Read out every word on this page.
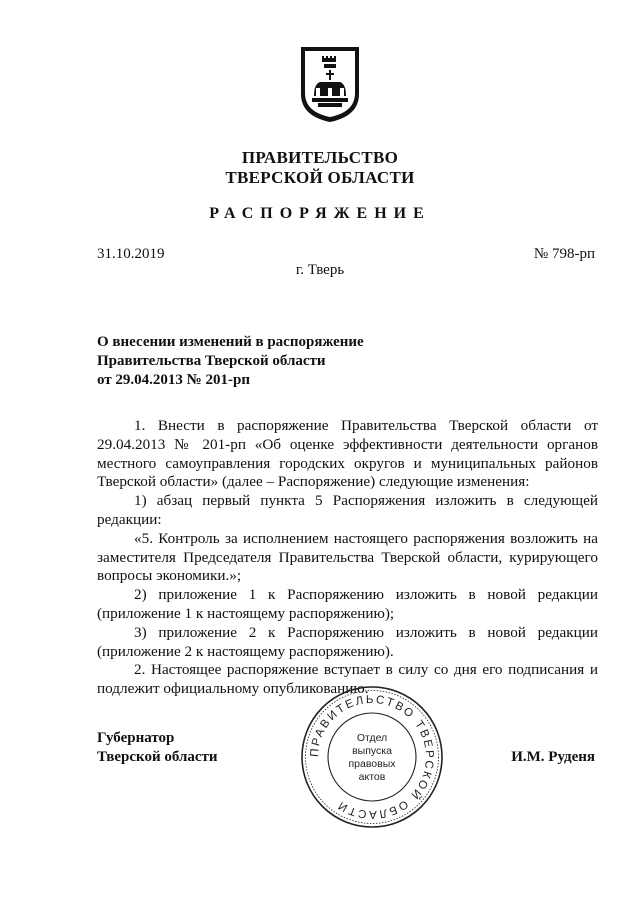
ПРАВИТЕЛЬСТВО
ТВЕРСКОЙ ОБЛАСТИ
РАСПОРЯЖЕНИЕ
31.10.2019	№ 798-рп
г. Тверь
О внесении изменений в распоряжение
Правительства Тверской области
от 29.04.2013 № 201-рп

1. Внести в распоряжение Правительства Тверской области от 29.04.2013 № 201-рп «Об оценке эффективности деятельности органов местного самоуправления городских округов и муниципальных районов Тверской области» (далее – Распоряжение) следующие изменения:

1) абзац первый пункта 5 Распоряжения изложить в следующей редакции:

«5. Контроль за исполнением настоящего распоряжения возложить на заместителя Председателя Правительства Тверской области, курирующего вопросы экономики.»;

2) приложение 1 к Распоряжению изложить в новой редакции (приложение 1 к настоящему распоряжению);

3) приложение 2 к Распоряжению изложить в новой редакции (приложение 2 к настоящему распоряжению).

2. Настоящее распоряжение вступает в силу со дня его подписания и подлежит официальному опубликованию.

Губернатор
Тверской области	И.М. Руденя
ПРАВИТЕЛЬСТВО ТВЕРСКОЙ ОБЛАСТИ
Отдел
выпуска
правовых
актов
